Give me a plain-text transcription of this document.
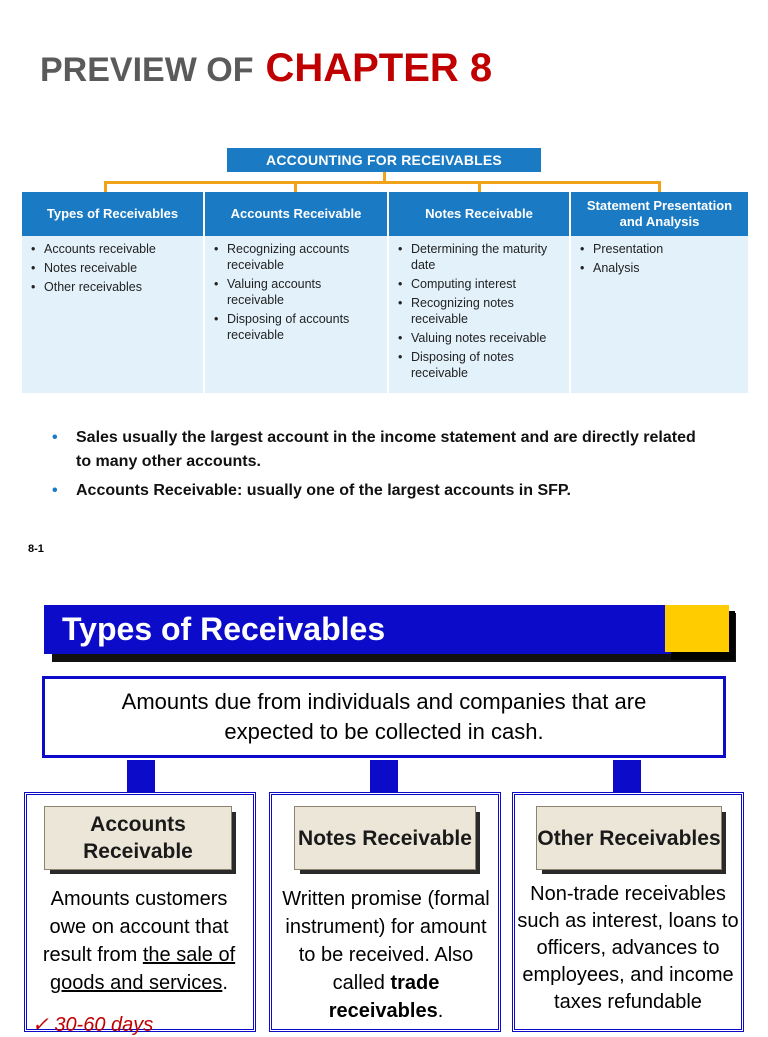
PREVIEW OF CHAPTER 8
ACCOUNTING FOR RECEIVABLES
Types of Receivables	Accounts Receivable	Notes Receivable
Statement Presentation and Analysis
• Accounts receivable
• Notes receivable
• Other receivables
• Recognizing accounts receivable
• Valuing accounts receivable
• Disposing of accounts receivable
• Determining the maturity date
• Computing interest
• Recognizing notes receivable
• Valuing notes receivable
• Disposing of notes receivable
• Presentation
• Analysis
• Sales usually the largest account in the income statement and are directly related to many other accounts.
• Accounts Receivable: usually one of the largest accounts in SFP.
8-1
Types of Receivables
Amounts due from individuals and companies that are expected to be collected in cash.
Accounts Receivable
Amounts customers owe on account that result from the sale of goods and services.
✓ 30-60 days
Notes Receivable
Written promise (formal instrument) for amount to be received. Also called trade receivables.
Other Receivables
Non-trade receivables such as interest, loans to officers, advances to employees, and income taxes refundable
